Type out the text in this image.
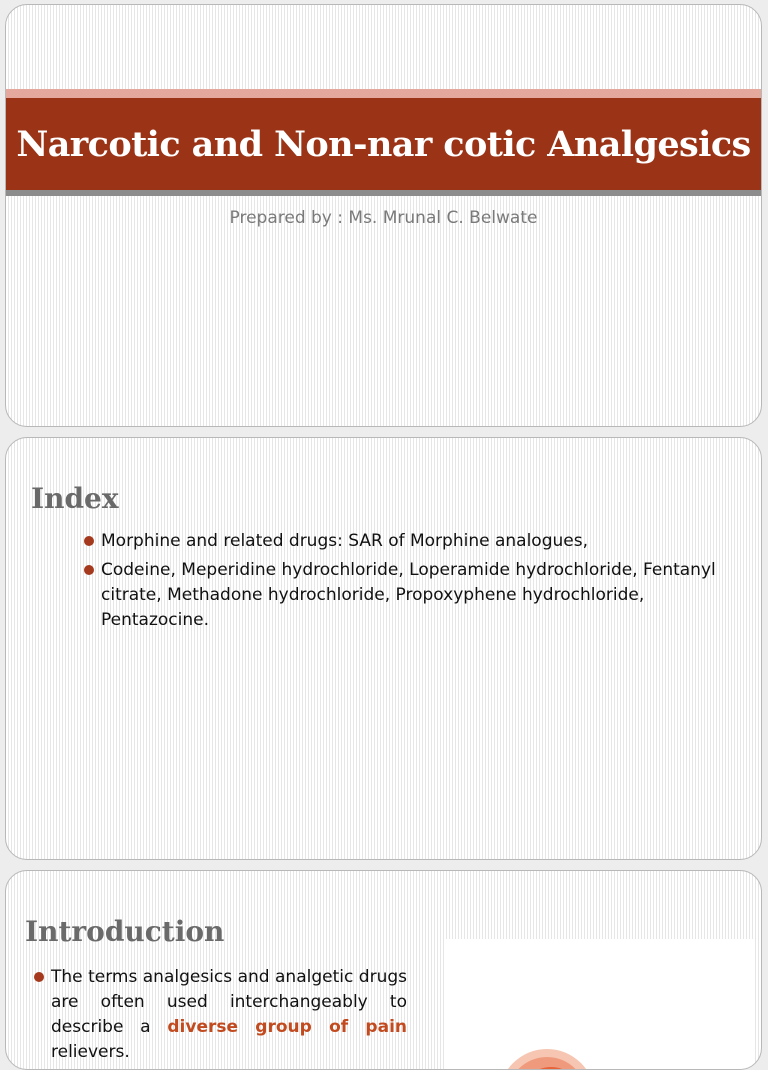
Narcotic and Non-nar cotic Analgesics
Prepared by : Ms. Mrunal C. Belwate
Index
Morphine and related drugs: SAR of Morphine analogues,
Codeine, Meperidine hydrochloride, Loperamide hydrochloride, Fentanyl citrate, Methadone hydrochloride, Propoxyphene hydrochloride, Pentazocine.
Introduction
The terms analgesics and analgetic drugs are often used interchangeably to describe a diverse group of pain relievers.
